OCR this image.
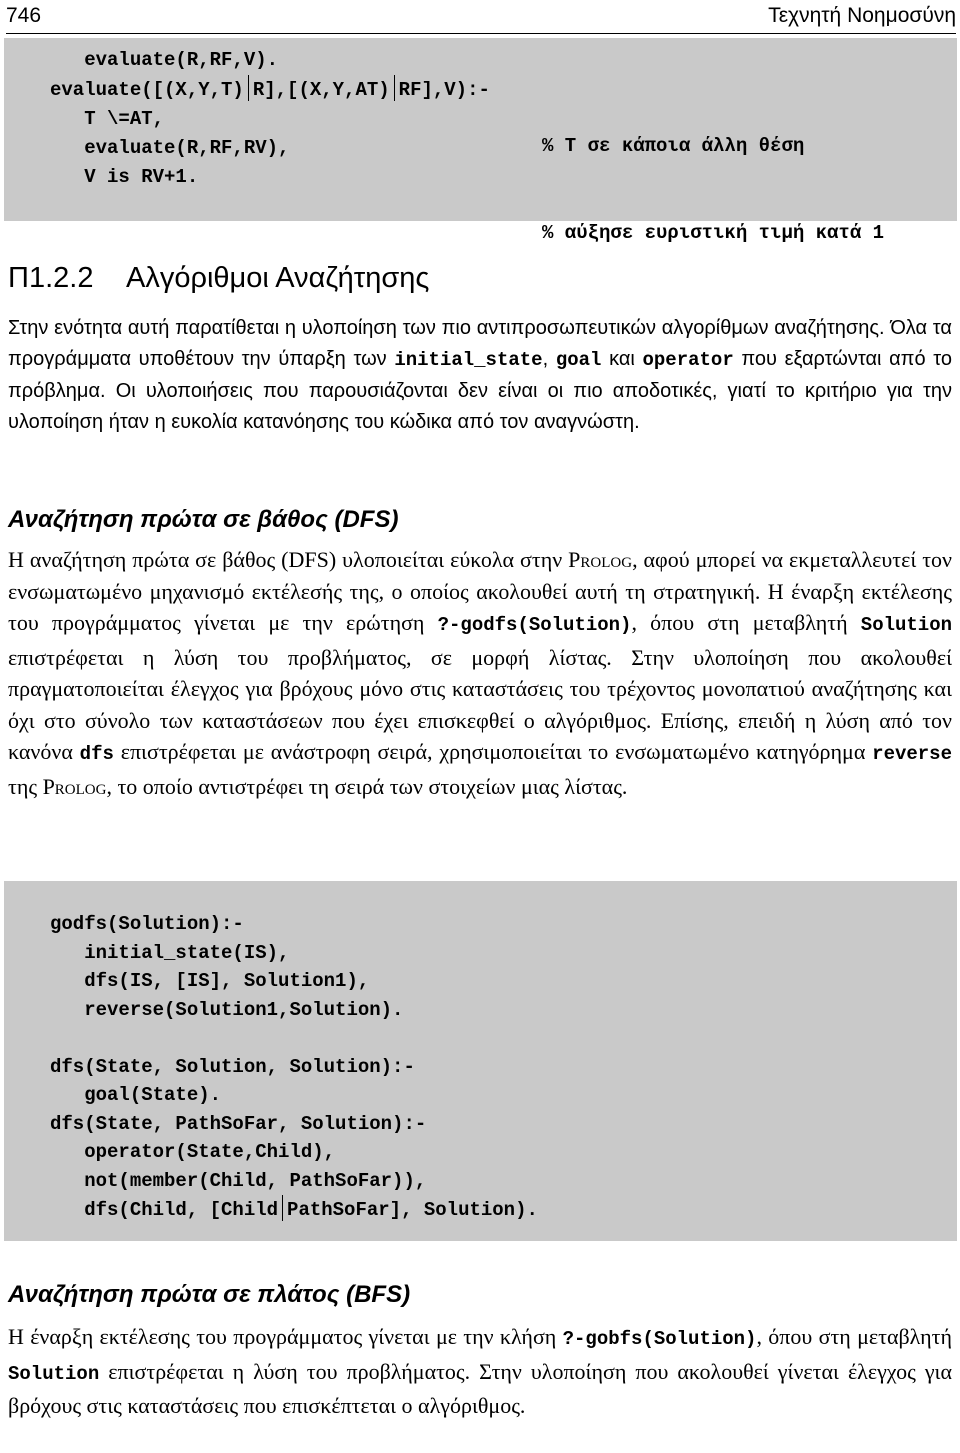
746	Τεχνητή Νοημοσύνη
evaluate(R,RF,V).
evaluate([(X,Y,T) R],[(X,Y,AT) RF],V):-
T \=AT,
evaluate(R,RF,RV),
V is RV+1.
% T σε κάποια άλλη θέση
% αύξησε ευριστική τιμή κατά 1
Π1.2.2 Αλγόριθμοι Αναζήτησης
Στην ενότητα αυτή παρατίθεται η υλοποίηση των πιο αντιπροσωπευτικών αλγορίθμων αναζήτησης. Όλα τα προγράμματα υποθέτουν την ύπαρξη των initial_state, goal και operator που εξαρτώνται από το πρόβλημα. Οι υλοποιήσεις που παρουσιάζονται δεν είναι οι πιο αποδοτικές, γιατί το κριτήριο για την υλοποίηση ήταν η ευκολία κατανόησης του κώδικα από τον αναγνώστη.
Αναζήτηση πρώτα σε βάθος (DFS)
Η αναζήτηση πρώτα σε βάθος (DFS) υλοποιείται εύκολα στην Prolog, αφού μπορεί να εκμεταλλευτεί τον ενσωματωμένο μηχανισμό εκτέλεσής της, ο οποίος ακολουθεί αυτή τη στρατηγική. Η έναρξη εκτέλεσης του προγράμματος γίνεται με την ερώτηση ?-godfs(Solution), όπου στη μεταβλητή Solution επιστρέφεται η λύση του προβλήματος, σε μορφή λίστας. Στην υλοποίηση που ακολουθεί πραγματοποιείται έλεγχος για βρόχους μόνο στις καταστάσεις του τρέχοντος μονοπατιού αναζήτησης και όχι στο σύνολο των καταστάσεων που έχει επισκεφθεί ο αλγόριθμος. Επίσης, επειδή η λύση από τον κανόνα dfs επιστρέφεται με ανάστροφη σειρά, χρησιμοποιείται το ενσωματωμένο κατηγόρημα reverse της Prolog, το οποίο αντιστρέφει τη σειρά των στοιχείων μιας λίστας.
godfs(Solution):-
initial_state(IS),
dfs(IS, [IS], Solution1),
reverse(Solution1,Solution).

dfs(State, Solution, Solution):-
goal(State).
dfs(State, PathSoFar, Solution):-
operator(State,Child),
not(member(Child, PathSoFar)),
dfs(Child, [Child PathSoFar], Solution).
Αναζήτηση πρώτα σε πλάτος (BFS)
Η έναρξη εκτέλεσης του προγράμματος γίνεται με την κλήση ?-gobfs(Solution), όπου στη μεταβλητή Solution επιστρέφεται η λύση του προβλήματος. Στην υλοποίηση που ακολουθεί γίνεται έλεγχος για βρόχους στις καταστάσεις που επισκέπτεται ο αλγόριθμος.
